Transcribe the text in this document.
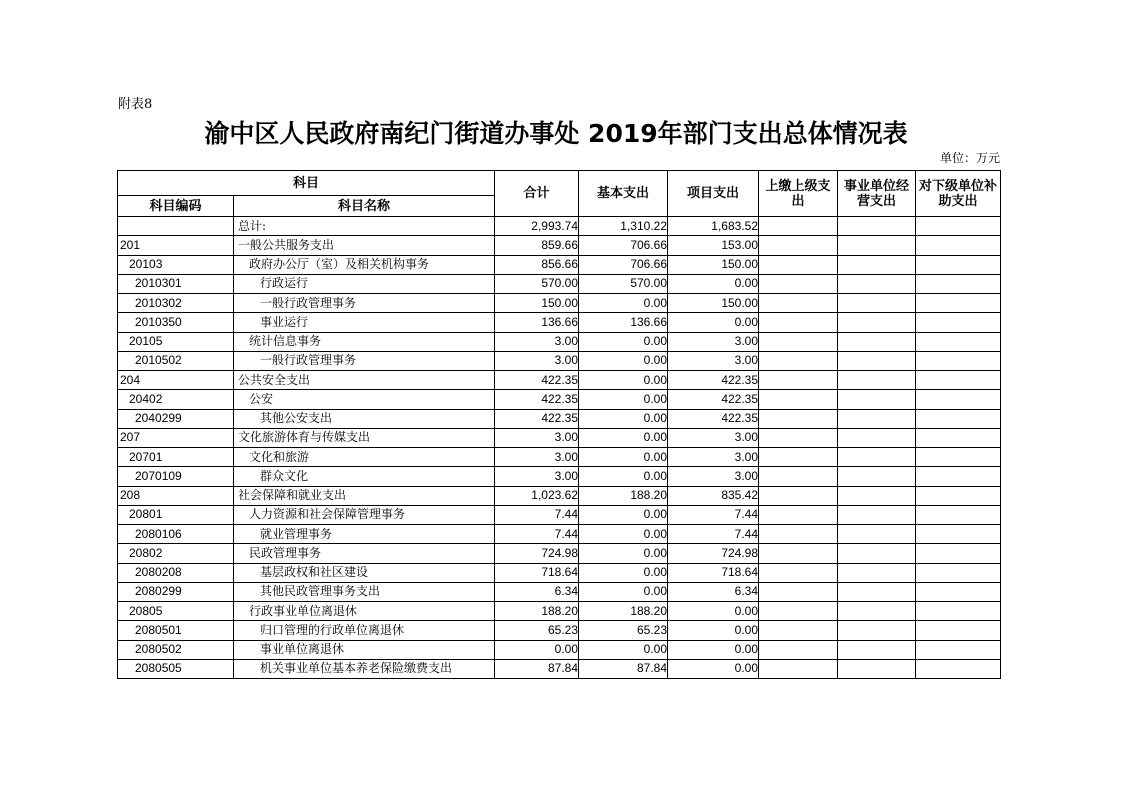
附表8
渝中区人民政府南纪门街道办事处 2019年部门支出总体情况表
单位：万元
科目		合计	基本支出	项目支出	上缴上级支出	事业单位经营支出	对下级单位补助支出
科目编码	科目名称						
	总计:	2,993.74	1,310.22	1,683.52			
201	一般公共服务支出	859.66	706.66	153.00			
20103	政府办公厅（室）及相关机构事务	856.66	706.66	150.00			
2010301	行政运行	570.00	570.00	0.00			
2010302	一般行政管理事务	150.00	0.00	150.00			
2010350	事业运行	136.66	136.66	0.00			
20105	统计信息事务	3.00	0.00	3.00			
2010502	一般行政管理事务	3.00	0.00	3.00			
204	公共安全支出	422.35	0.00	422.35			
20402	公安	422.35	0.00	422.35			
2040299	其他公安支出	422.35	0.00	422.35			
207	文化旅游体育与传媒支出	3.00	0.00	3.00			
20701	文化和旅游	3.00	0.00	3.00			
2070109	群众文化	3.00	0.00	3.00			
208	社会保障和就业支出	1,023.62	188.20	835.42			
20801	人力资源和社会保障管理事务	7.44	0.00	7.44			
2080106	就业管理事务	7.44	0.00	7.44			
20802	民政管理事务	724.98	0.00	724.98			
2080208	基层政权和社区建设	718.64	0.00	718.64			
2080299	其他民政管理事务支出	6.34	0.00	6.34			
20805	行政事业单位离退休	188.20	188.20	0.00			
2080501	归口管理的行政单位离退休	65.23	65.23	0.00			
2080502	事业单位离退休	0.00	0.00	0.00			
2080505	机关事业单位基本养老保险缴费支出	87.84	87.84	0.00			
